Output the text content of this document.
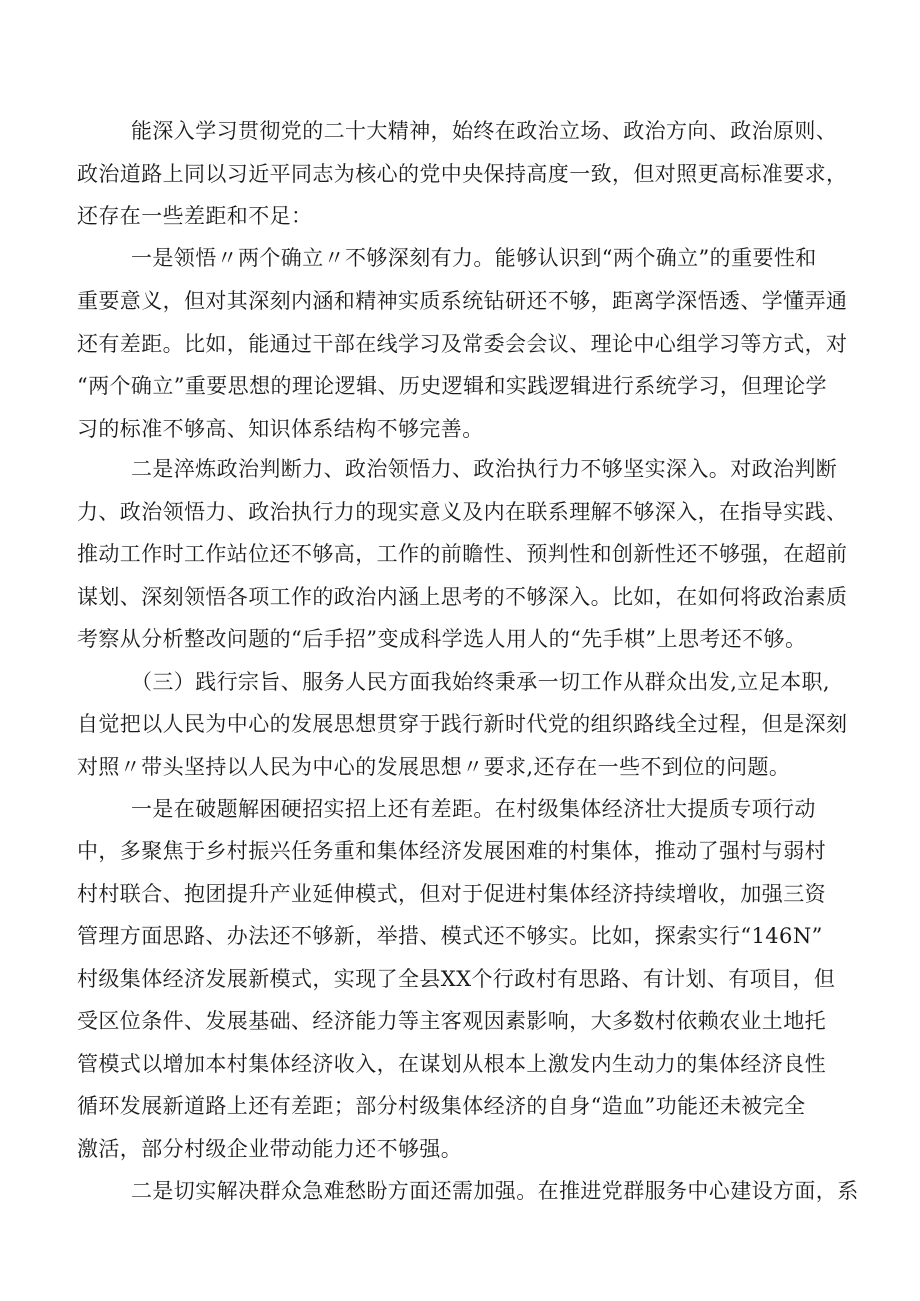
能深入学习贯彻党的二十大精神，始终在政治立场、政治方向、政治原则、
政治道路上同以习近平同志为核心的党中央保持高度一致，但对照更高标准要求，
还存在一些差距和不足：
一是领悟〃两个确立〃不够深刻有力。能够认识到“两个确立”的重要性和
重要意义，但对其深刻内涵和精神实质系统钻研还不够，距离学深悟透、学懂弄通
还有差距。比如，能通过干部在线学习及常委会会议、理论中心组学习等方式，对
“两个确立”重要思想的理论逻辑、历史逻辑和实践逻辑进行系统学习，但理论学
习的标准不够高、知识体系结构不够完善。
二是淬炼政治判断力、政治领悟力、政治执行力不够坚实深入。对政治判断
力、政治领悟力、政治执行力的现实意义及内在联系理解不够深入，在指导实践、
推动工作时工作站位还不够高，工作的前瞻性、预判性和创新性还不够强，在超前
谋划、深刻领悟各项工作的政治内涵上思考的不够深入。比如，在如何将政治素质
考察从分析整改问题的“后手招”变成科学选人用人的“先手棋”上思考还不够。
（三）践行宗旨、服务人民方面我始终秉承一切工作从群众出发,立足本职,
自觉把以人民为中心的发展思想贯穿于践行新时代党的组织路线全过程，但是深刻
对照〃带头坚持以人民为中心的发展思想〃要求,还存在一些不到位的问题。
一是在破题解困硬招实招上还有差距。在村级集体经济壮大提质专项行动
中，多聚焦于乡村振兴任务重和集体经济发展困难的村集体，推动了强村与弱村
村村联合、抱团提升产业延伸模式，但对于促进村集体经济持续增收，加强三资
管理方面思路、办法还不够新，举措、模式还不够实。比如，探索实行“146N”
村级集体经济发展新模式，实现了全县XX个行政村有思路、有计划、有项目，但
受区位条件、发展基础、经济能力等主客观因素影响，大多数村依赖农业土地托
管模式以增加本村集体经济收入，在谋划从根本上激发内生动力的集体经济良性
循环发展新道路上还有差距；部分村级集体经济的自身“造血”功能还未被完全
激活，部分村级企业带动能力还不够强。
二是切实解决群众急难愁盼方面还需加强。在推进党群服务中心建设方面，系
